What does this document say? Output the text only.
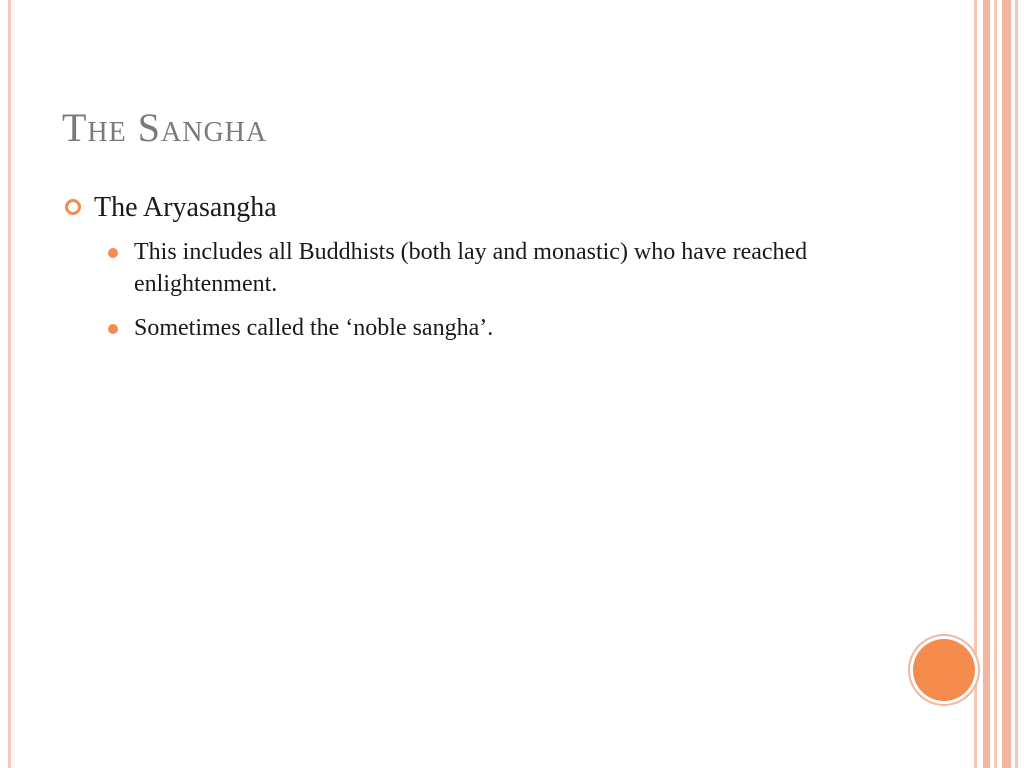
The Sangha
The Aryasangha
This includes all Buddhists (both lay and monastic) who have reached enlightenment.
Sometimes called the ‘noble sangha’.
